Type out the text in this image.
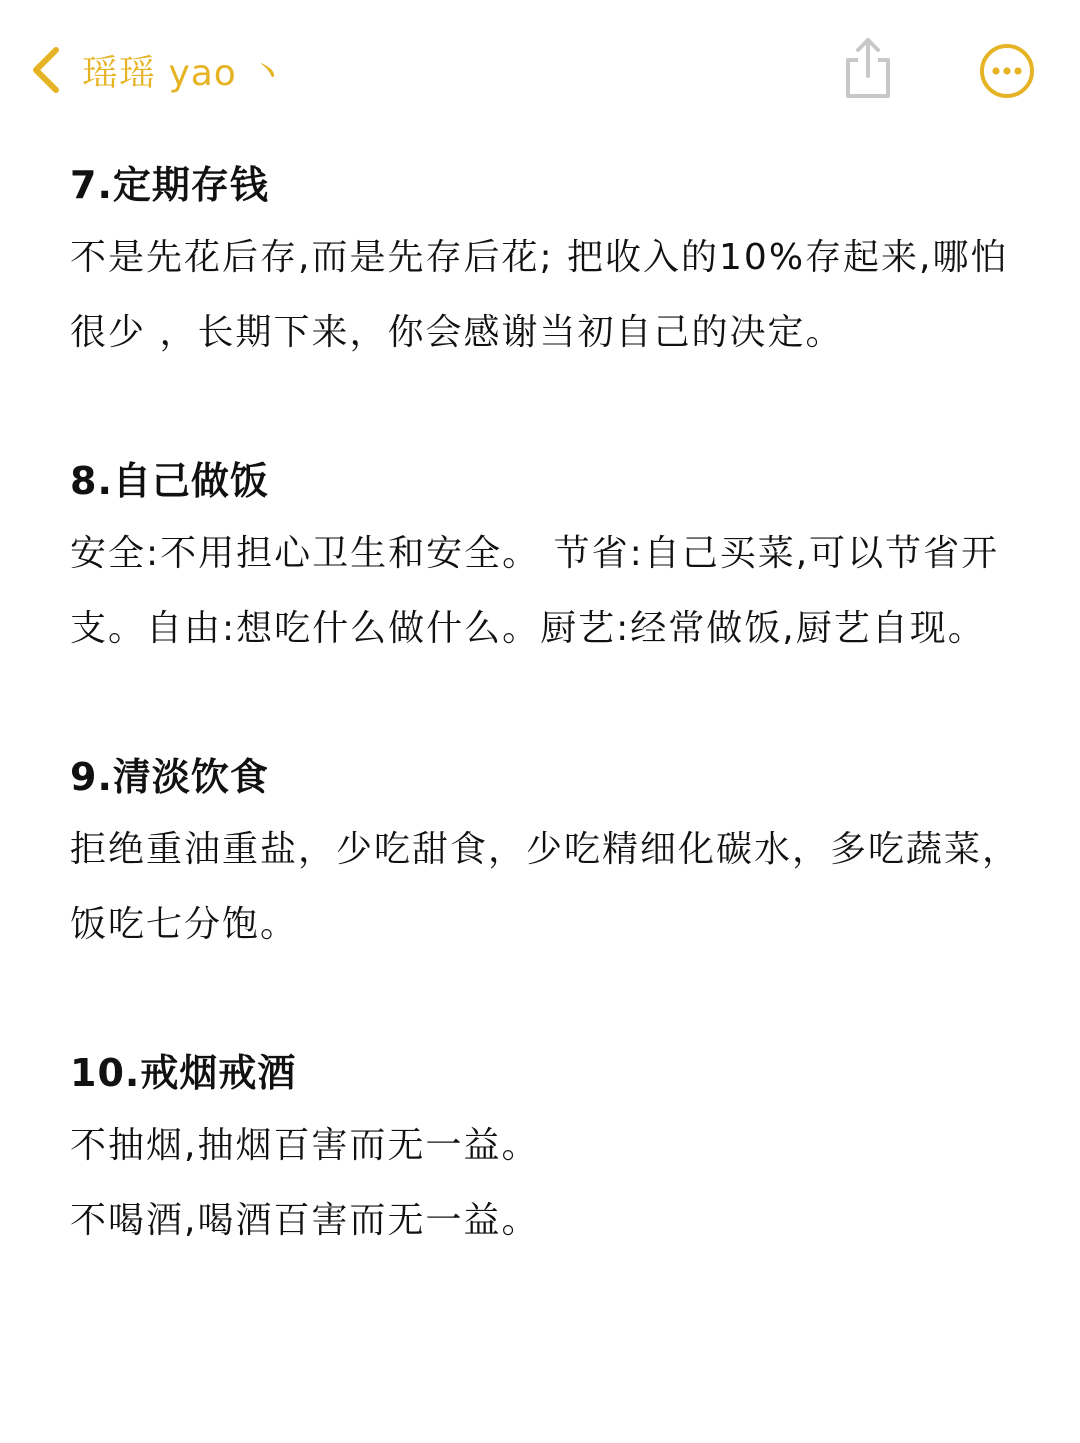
瑶瑶 yao 丶

7.定期存钱

不是先花后存,而是先存后花; 把收入的10%存起来,哪怕很少 ，长期下来，你会感谢当初自己的决定。

8.自己做饭

安全:不用担心卫生和安全。 节省:自己买菜,可以节省开支。自由:想吃什么做什么。厨艺:经常做饭,厨艺自现。

9.清淡饮食

拒绝重油重盐，少吃甜食，少吃精细化碳水，多吃蔬菜，饭吃七分饱。

10.戒烟戒酒

不抽烟,抽烟百害而无一益。

不喝酒,喝酒百害而无一益。
